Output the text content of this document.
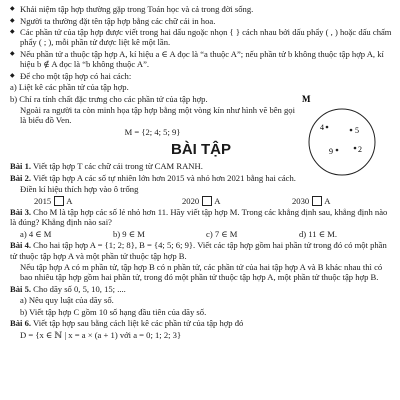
◆ Khái niệm tập hợp thường gặp trong Toán học và cả trong đời sống.

◆ Người ta thường đặt tên tập hợp bằng các chữ cái in hoa.

◆ Các phần tử của tập hợp được viết trong hai dấu ngoặc nhọn { } cách nhau bởi dấu phẩy ( , ) hoặc dấu chấm phẩy ( ; ), mỗi phần tử được liệt kê một lần.

◆ Nếu phần tử a thuộc tập hợp A, kí hiệu a ∈ A đọc là “a thuộc A”; nếu phần tử b không thuộc tập hợp A, kí hiệu b ∉ A đọc là “b không thuộc A”.

◆ Để cho một tập hợp có hai cách:

a) Liệt kê các phần tử của tập hợp.

b) Chỉ ra tính chất đặc trưng cho các phần tử của tập hợp.

Ngoài ra người ta còn minh họa tập hợp bằng một vòng kín như hình vẽ bên gọi là biểu đồ Ven.

M = {2; 4; 5; 9}

M
4	5
9	2
BÀI TẬP

Bài 1. Viết tập hợp T các chữ cái trong từ CAM RANH.

Bài 2. Viết tập hợp A các số tự nhiên lớn hơn 2015 và nhỏ hơn 2021 bằng hai cách.

Điền kí hiệu thích hợp vào ô trống

2015 A	2020 A	2030 A

Bài 3. Cho M là tập hợp các số lẻ nhỏ hơn 11. Hãy viết tập hợp M. Trong các khẳng định sau, khẳng định nào là đúng? Khẳng định nào sai?

a) 4 ∈ M	b) 9 ∈ M	c) 7 ∈ M	d) 11 ∈ M.

Bài 4. Cho hai tập hợp A = {1; 2; 8}, B = {4; 5; 6; 9}. Viết các tập hợp gồm hai phần tử trong đó có một phần tử thuộc tập hợp A và một phần tử thuộc tập hợp B.

Nếu tập hợp A có m phần tử, tập hợp B có n phần tử, các phần tử của hai tập hợp A và B khác nhau thì có bao nhiêu tập hợp gồm hai phần tử, trong đó một phần tử thuộc tập hợp A, một phần tử thuộc tập hợp B.

Bài 5. Cho dãy số 0, 5, 10, 15; ....

a) Nêu quy luật của dãy số.

b) Viết tập hợp C gồm 10 số hạng đầu tiên của dãy số.

Bài 6. Viết tập hợp sau bằng cách liệt kê các phần tử của tập hợp đó

D = {x ∈ ℕ | x = a × (a + 1) với a = 0; 1; 2; 3}
